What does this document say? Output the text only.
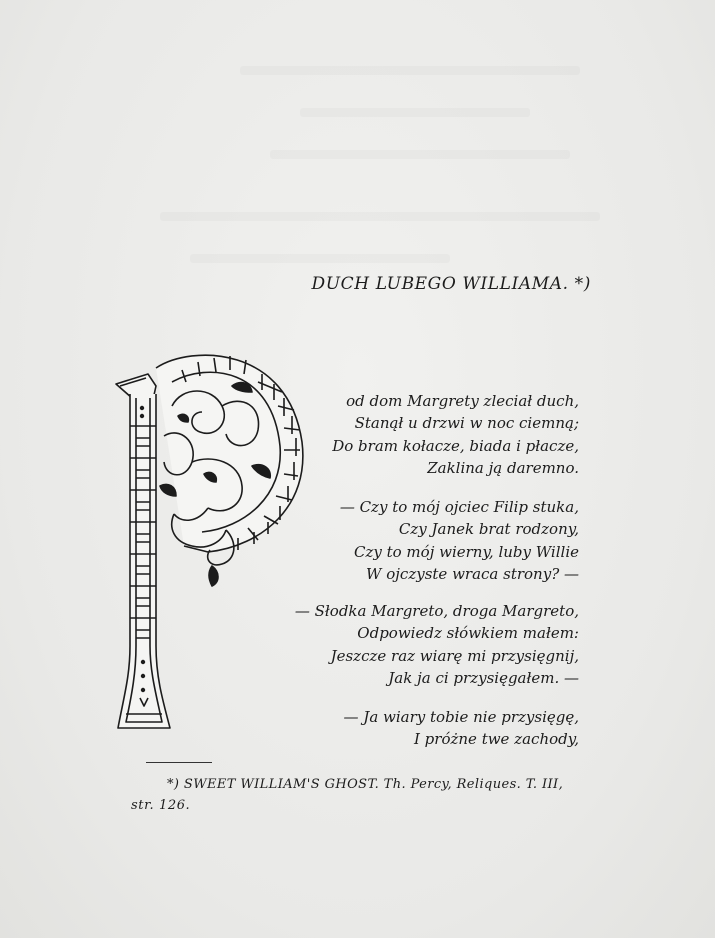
DUCH LUBEGO WILLIAMA. *)
od dom Margrety zleciał duch,
Stanął u drzwi w noc ciemną;
Do bram kołacze, biada i płacze,
Zaklina ją daremno.
— Czy to mój ojciec Filip stuka,
Czy Janek brat rodzony,
Czy to mój wierny, luby Willie
W ojczyste wraca strony? —
— Słodka Margreto, droga Margreto,
Odpowiedz słówkiem małem:
Jeszcze raz wiarę mi przysięgnij,
Jak ja ci przysięgałem. —
— Ja wiary tobie nie przysięgę,
I próżne twe zachody,
*) SWEET WILLIAM'S GHOST. Th. Percy, Reliques. T. III,
str. 126.
